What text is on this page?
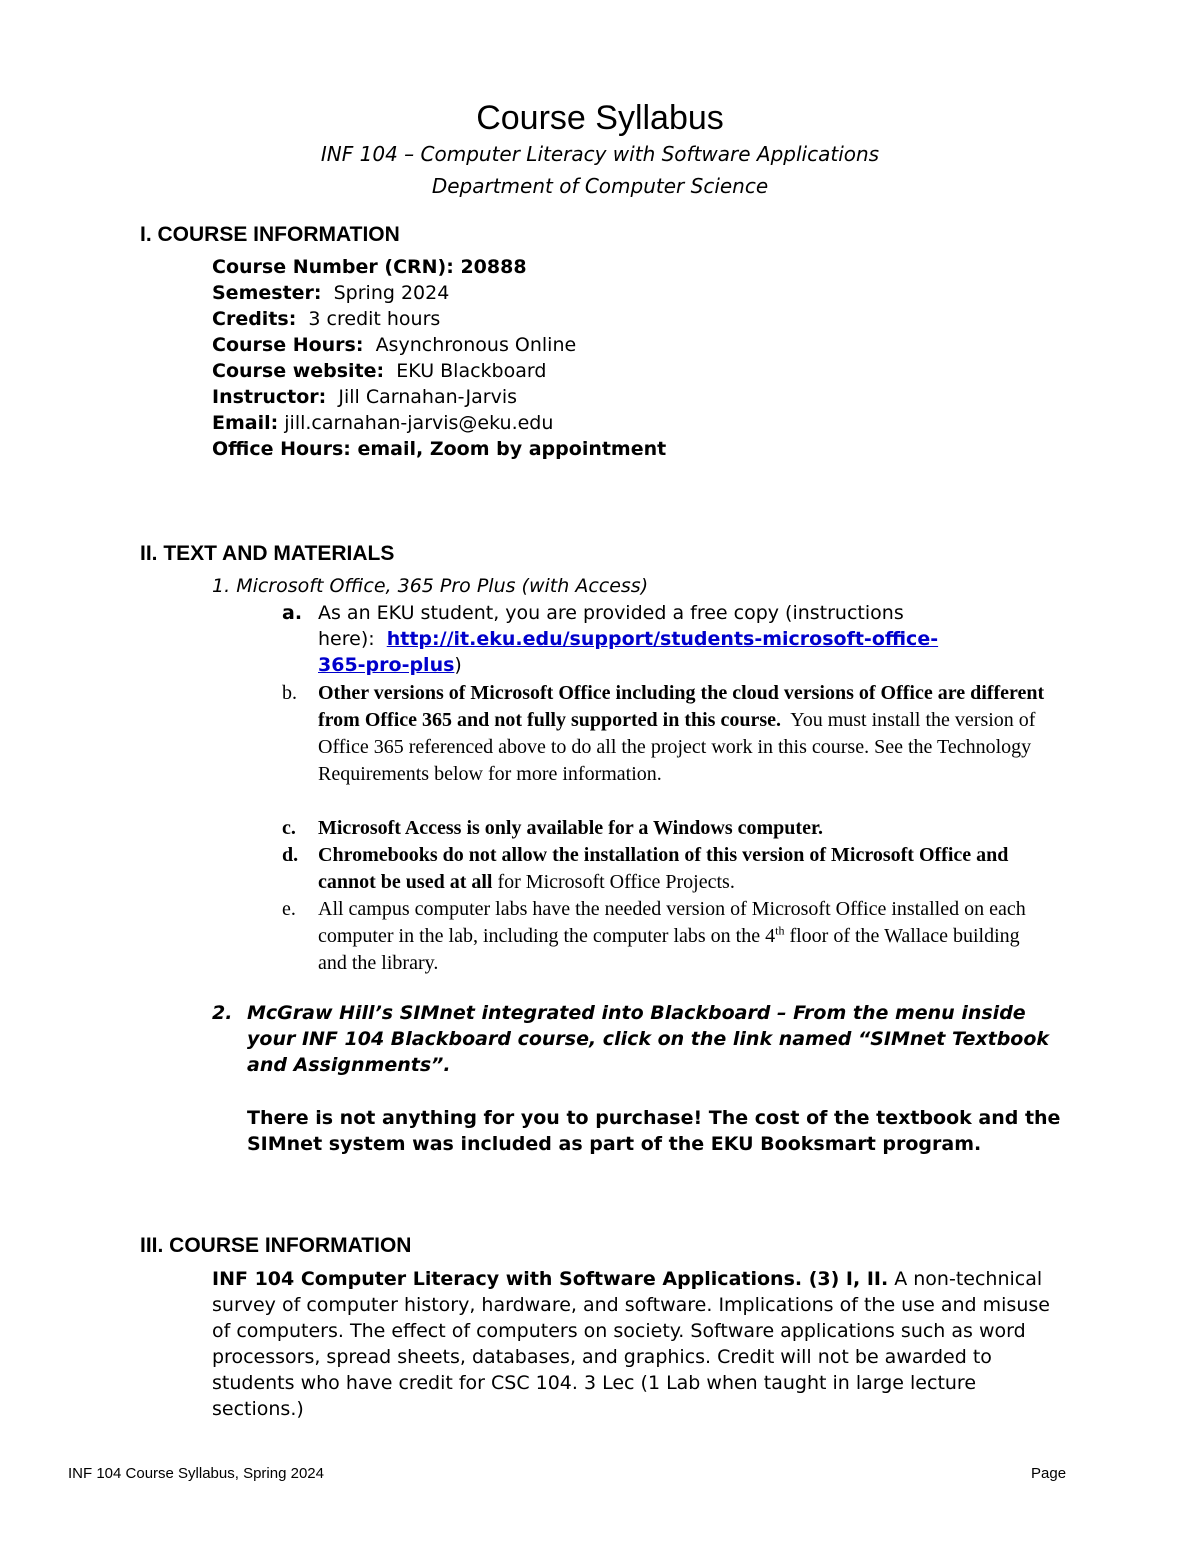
Course Syllabus
INF 104 – Computer Literacy with Software Applications
Department of Computer Science
I. COURSE INFORMATION
Course Number (CRN): 20888
Semester: Spring 2024
Credits: 3 credit hours
Course Hours: Asynchronous Online
Course website: EKU Blackboard
Instructor: Jill Carnahan-Jarvis
Email: jill.carnahan-jarvis@eku.edu
Office Hours: email, Zoom by appointment
II. TEXT AND MATERIALS
1. Microsoft Office, 365 Pro Plus (with Access)
a. As an EKU student, you are provided a free copy (instructions
here): http://it.eku.edu/support/students-microsoft-office-
365-pro-plus)
b. Other versions of Microsoft Office including the cloud versions of Office are different from Office 365 and not fully supported in this course. You must install the version of Office 365 referenced above to do all the project work in this course. See the Technology Requirements below for more information.
c. Microsoft Access is only available for a Windows computer.
d. Chromebooks do not allow the installation of this version of Microsoft Office and cannot be used at all for Microsoft Office Projects.
e. All campus computer labs have the needed version of Microsoft Office installed on each computer in the lab, including the computer labs on the 4th floor of the Wallace building and the library.
2. McGraw Hill’s SIMnet integrated into Blackboard – From the menu inside your INF 104 Blackboard course, click on the link named “SIMnet Textbook and Assignments”.
There is not anything for you to purchase! The cost of the textbook and the SIMnet system was included as part of the EKU Booksmart program.
III. COURSE INFORMATION
INF 104 Computer Literacy with Software Applications. (3) I, II. A non-technical survey of computer history, hardware, and software. Implications of the use and misuse of computers. The effect of computers on society. Software applications such as word processors, spread sheets, databases, and graphics. Credit will not be awarded to students who have credit for CSC 104. 3 Lec (1 Lab when taught in large lecture sections.)
INF 104 Course Syllabus, Spring 2024	Page
